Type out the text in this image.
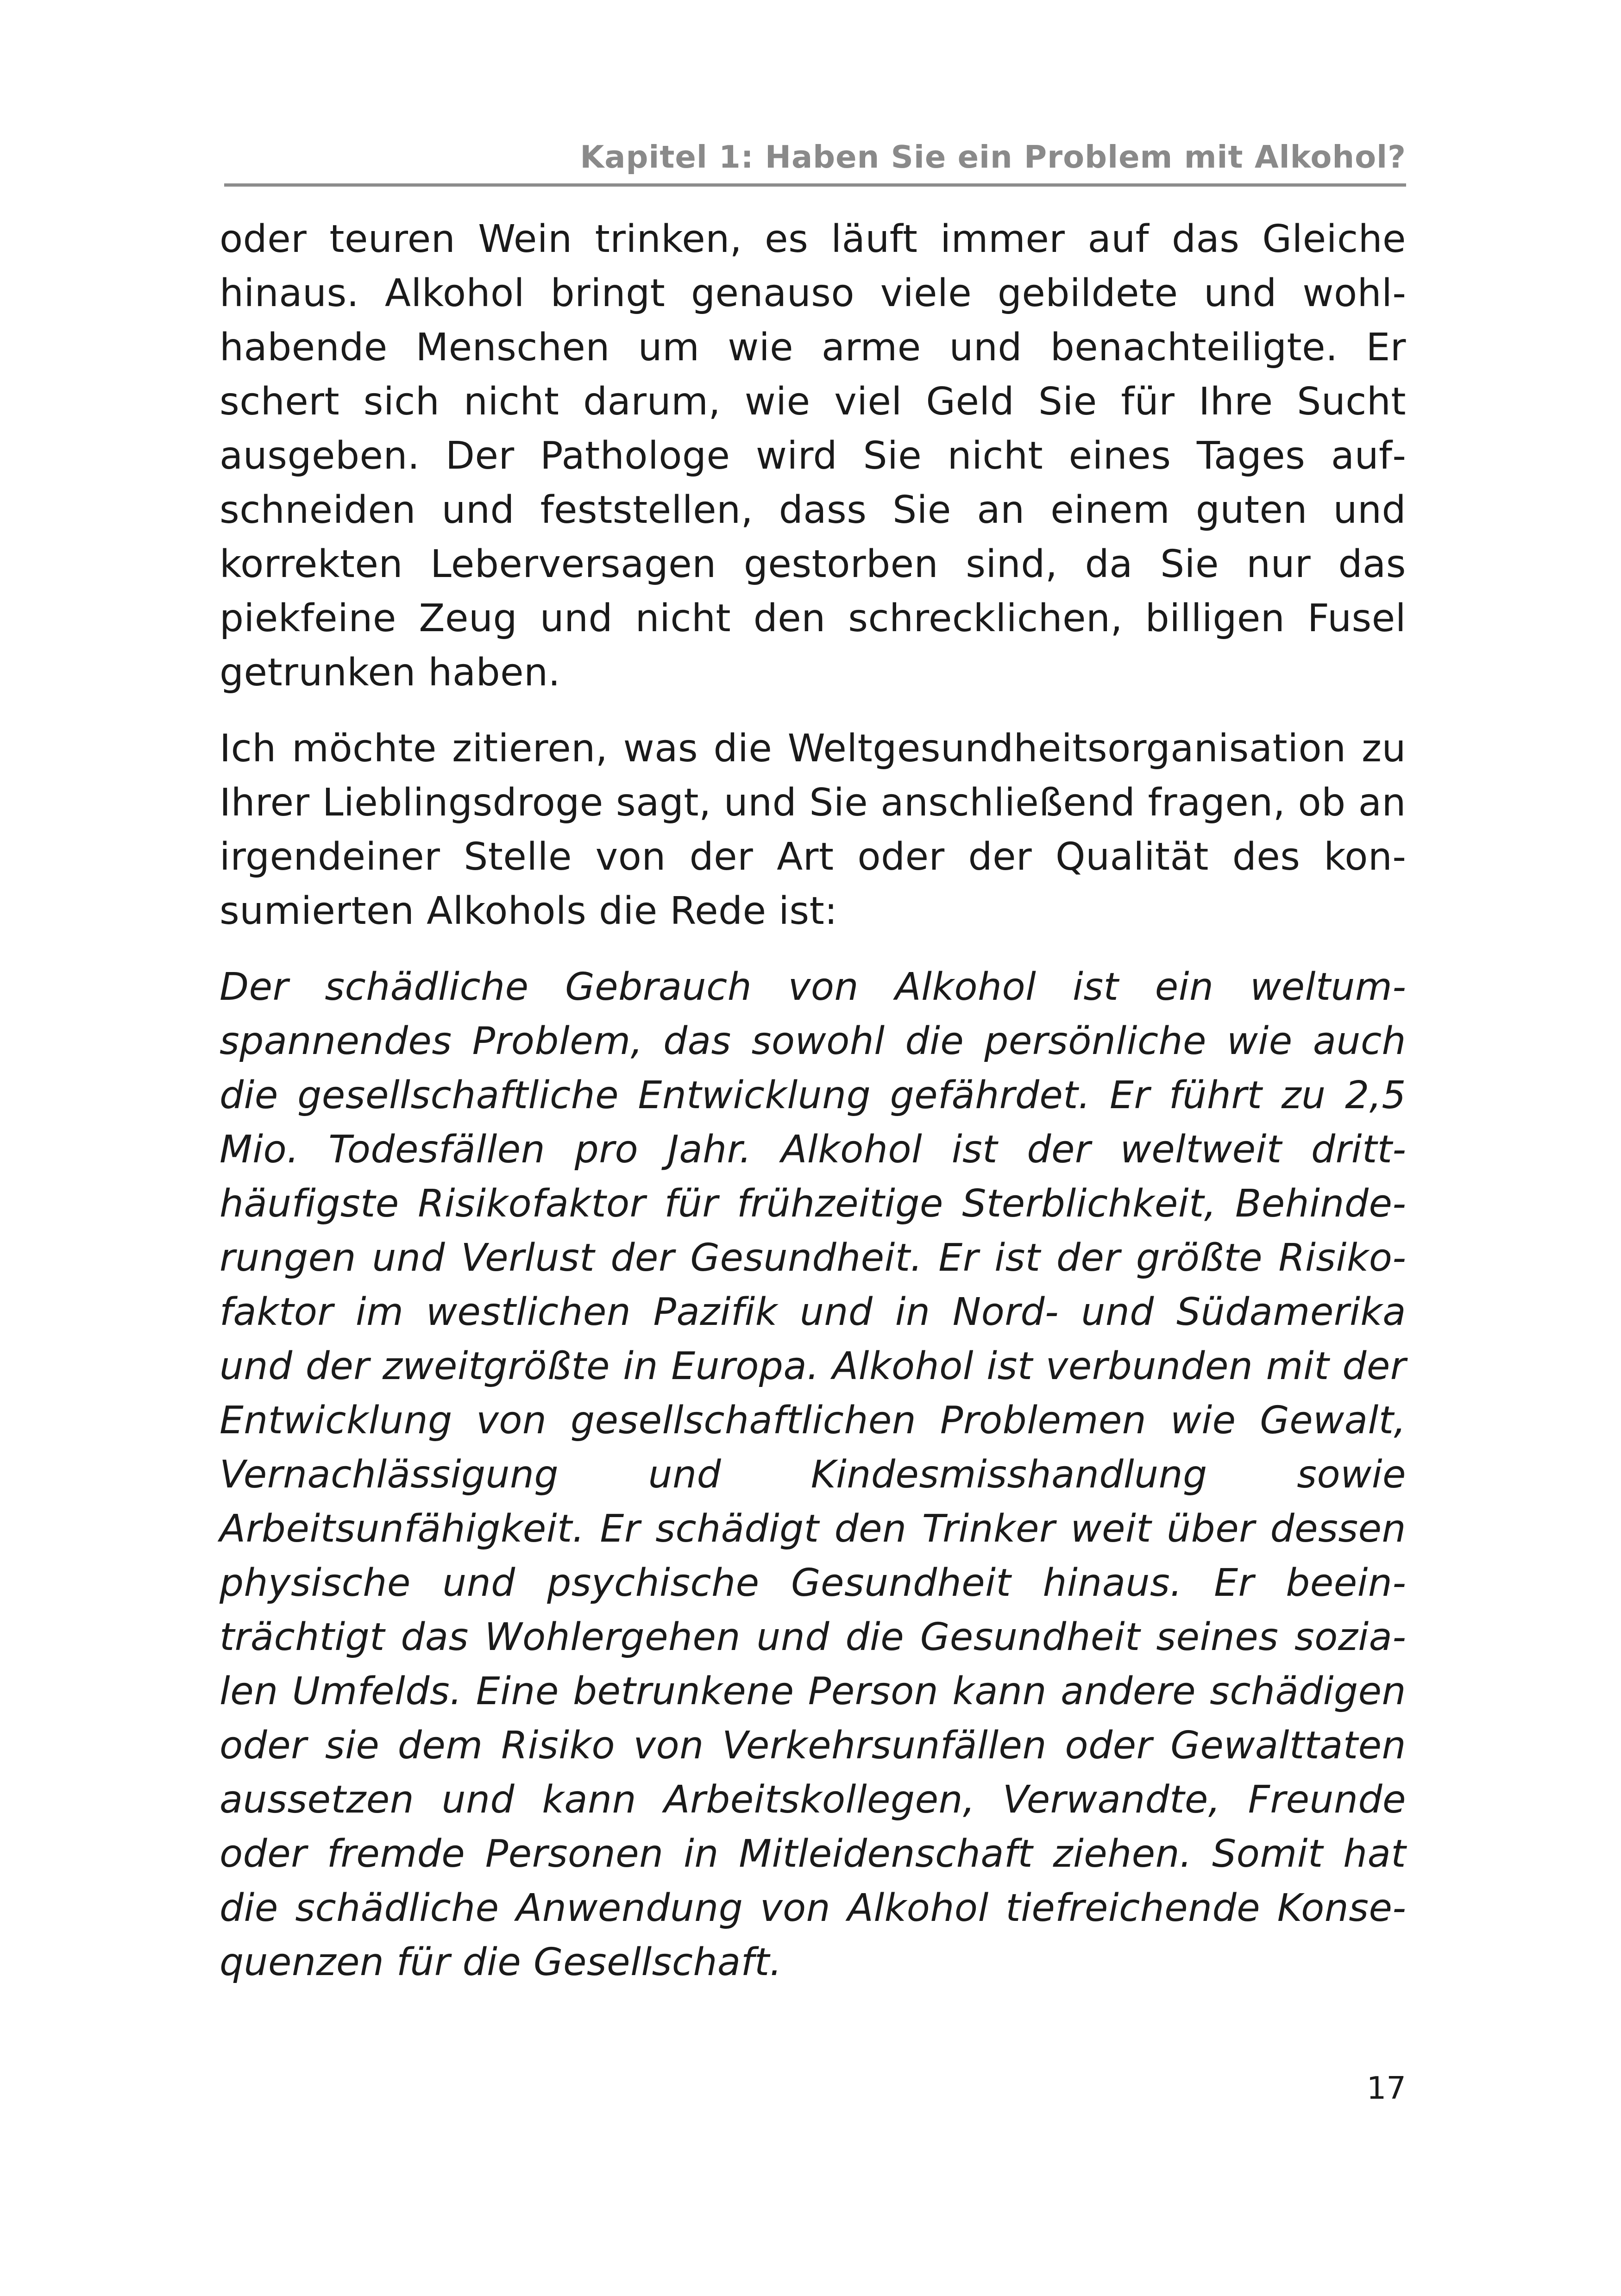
Kapitel 1: Haben Sie ein Problem mit Alkohol?

oder teuren Wein trinken, es läuft immer auf das Gleiche hinaus. Alkohol bringt genauso viele gebildete und wohlhabende Menschen um wie arme und benachteiligte. Er schert sich nicht darum, wie viel Geld Sie für Ihre Sucht ausgeben. Der Pathologe wird Sie nicht eines Tages aufschneiden und feststellen, dass Sie an einem guten und korrekten Leberversagen gestorben sind, da Sie nur das piekfeine Zeug und nicht den schrecklichen, billigen Fusel getrunken haben.

Ich möchte zitieren, was die Weltgesundheitsorganisation zu Ihrer Lieblingsdroge sagt, und Sie anschließend fragen, ob an irgendeiner Stelle von der Art oder der Qualität des konsumierten Alkohols die Rede ist:

Der schädliche Gebrauch von Alkohol ist ein weltumspannendes Problem, das sowohl die persönliche wie auch die gesellschaftliche Entwicklung gefährdet. Er führt zu 2,5 Mio. Todesfällen pro Jahr. Alkohol ist der weltweit dritthäufigste Risikofaktor für frühzeitige Sterblichkeit, Behinderungen und Verlust der Gesundheit. Er ist der größte Risikofaktor im westlichen Pazifik und in Nord- und Südamerika und der zweitgrößte in Europa. Alkohol ist verbunden mit der Entwicklung von gesellschaftlichen Problemen wie Gewalt, Vernachlässigung und Kindesmisshandlung sowie Arbeitsunfähigkeit. Er schädigt den Trinker weit über dessen physische und psychische Gesundheit hinaus. Er beeinträchtigt das Wohlergehen und die Gesundheit seines sozialen Umfelds. Eine betrunkene Person kann andere schädigen oder sie dem Risiko von Verkehrsunfällen oder Gewalttaten aussetzen und kann Arbeitskollegen, Verwandte, Freunde oder fremde Personen in Mitleidenschaft ziehen. Somit hat die schädliche Anwendung von Alkohol tiefreichende Konsequenzen für die Gesellschaft.

17
